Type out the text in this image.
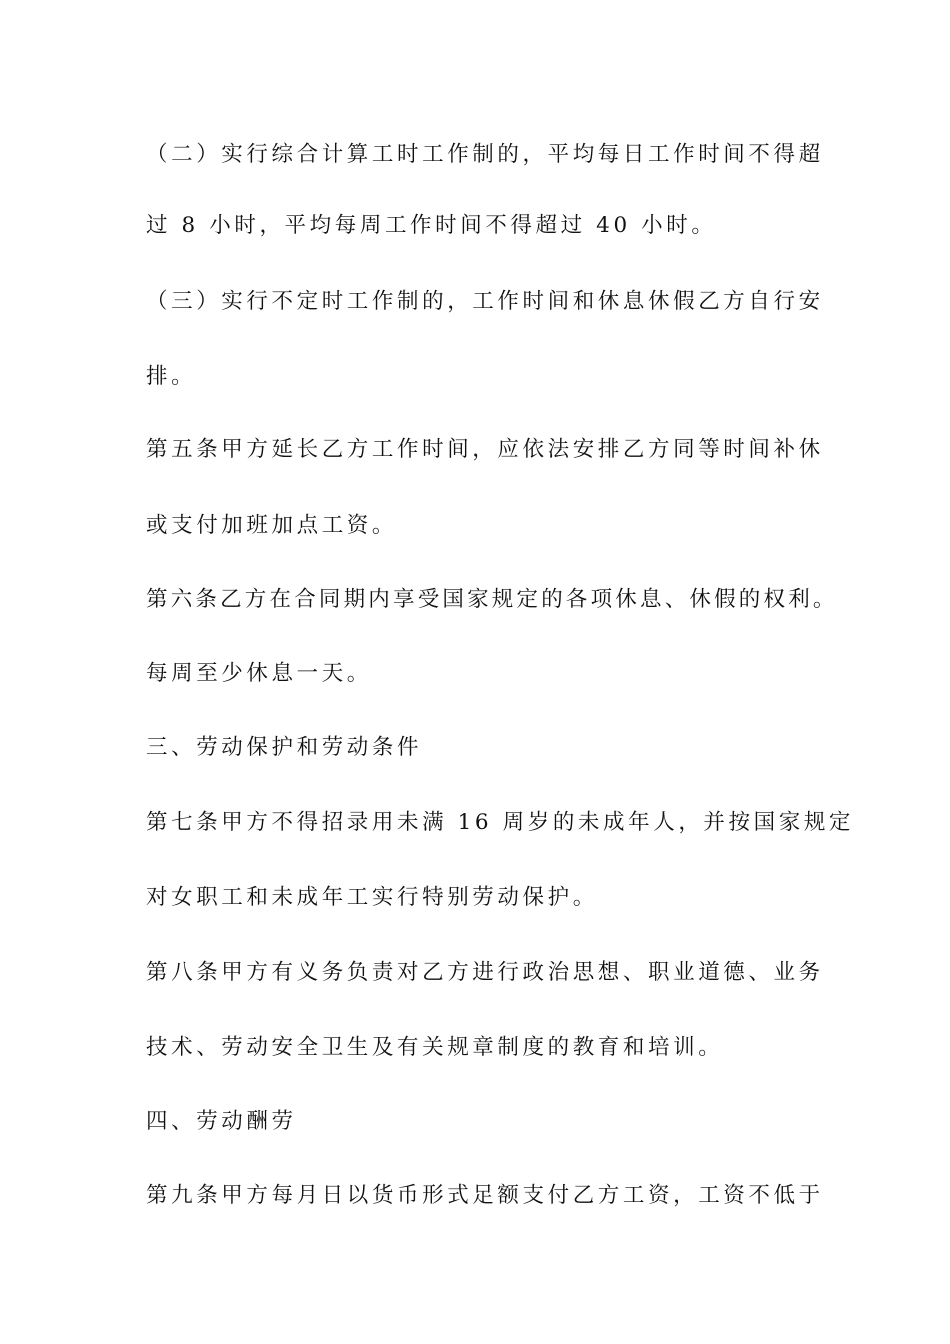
（二）实行综合计算工时工作制的，平均每日工作时间不得超
过 8 小时，平均每周工作时间不得超过 40 小时。
（三）实行不定时工作制的，工作时间和休息休假乙方自行安
排。
第五条甲方延长乙方工作时间，应依法安排乙方同等时间补休
或支付加班加点工资。
第六条乙方在合同期内享受国家规定的各项休息、休假的权利。
每周至少休息一天。
三、劳动保护和劳动条件
第七条甲方不得招录用未满 16 周岁的未成年人，并按国家规定
对女职工和未成年工实行特别劳动保护。
第八条甲方有义务负责对乙方进行政治思想、职业道德、业务
技术、劳动安全卫生及有关规章制度的教育和培训。
四、劳动酬劳
第九条甲方每月日以货币形式足额支付乙方工资，工资不低于
